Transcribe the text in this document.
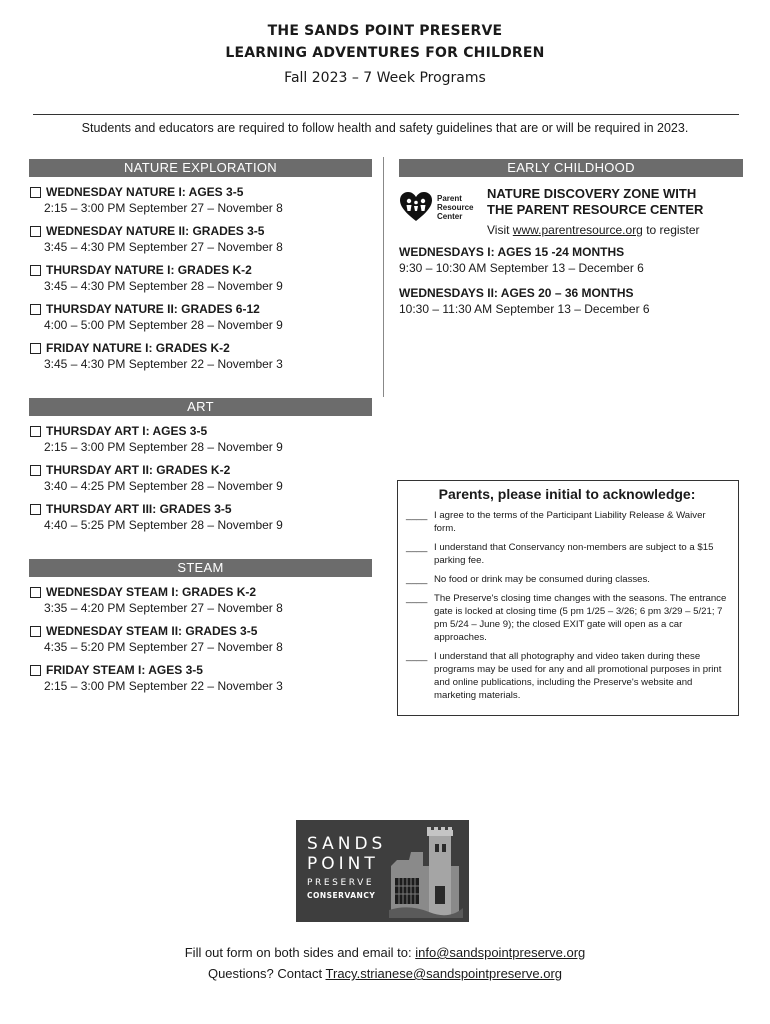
THE SANDS POINT PRESERVE
LEARNING ADVENTURES FOR CHILDREN
Fall 2023 – 7 Week Programs
Students and educators are required to follow health and safety guidelines that are or will be required in 2023.
NATURE EXPLORATION
WEDNESDAY NATURE I: AGES 3-5
2:15 – 3:00 PM September 27 – November 8
WEDNESDAY NATURE II: GRADES 3-5
3:45 – 4:30 PM September 27 – November 8
THURSDAY NATURE I: GRADES K-2
3:45 – 4:30 PM September 28 – November 9
THURSDAY NATURE II: GRADES 6-12
4:00 – 5:00 PM September 28 – November 9
FRIDAY NATURE I: GRADES K-2
3:45 – 4:30 PM September 22 – November 3
ART
THURSDAY ART I: AGES 3-5
2:15 – 3:00 PM September 28 – November 9
THURSDAY ART II: GRADES K-2
3:40 – 4:25 PM September 28 – November 9
THURSDAY ART III: GRADES 3-5
4:40 – 5:25 PM September 28 – November 9
STEAM
WEDNESDAY STEAM I: GRADES K-2
3:35 – 4:20 PM September 27 – November 8
WEDNESDAY STEAM II: GRADES 3-5
4:35 – 5:20 PM September 27 – November 8
FRIDAY STEAM I: AGES 3-5
2:15 – 3:00 PM September 22 – November 3
EARLY CHILDHOOD
Parent
Resource
Center
NATURE DISCOVERY ZONE WITH
THE PARENT RESOURCE CENTER
Visit www.parentresource.org to register
WEDNESDAYS I: AGES 15 -24 MONTHS
9:30 – 10:30 AM September 13 – December 6
WEDNESDAYS II: AGES 20 – 36 MONTHS
10:30 – 11:30 AM September 13 – December 6
Parents, please initial to acknowledge:
____ I agree to the terms of the Participant Liability Release & Waiver form.
____ I understand that Conservancy non-members are subject to a $15 parking fee.
____ No food or drink may be consumed during classes.
____ The Preserve's closing time changes with the seasons. The entrance gate is locked at closing time (5 pm 1/25 – 3/26; 6 pm 3/29 – 5/21; 7 pm 5/24 – June 9); the closed EXIT gate will open as a car approaches.
____ I understand that all photography and video taken during these programs may be used for any and all promotional purposes in print and online publications, including the Preserve's website and marketing materials.
SANDS
POINT
PRESERVE
CONSERVANCY
Fill out form on both sides and email to: info@sandspointpreserve.org
Questions? Contact Tracy.strianese@sandspointpreserve.org
